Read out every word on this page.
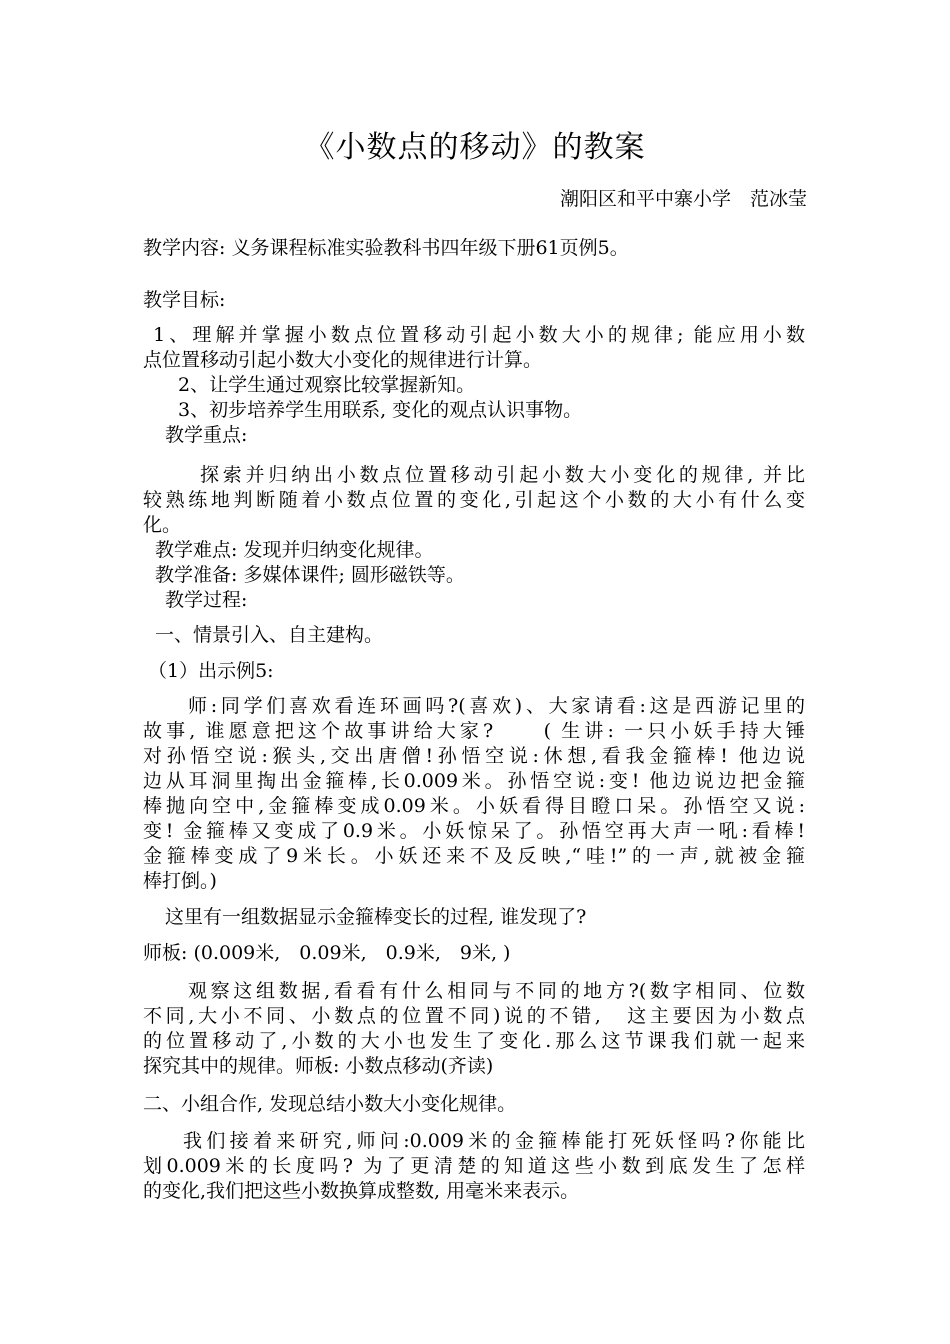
《小数点的移动》的教案
潮阳区和平中寨小学　范冰莹
教学内容: 义务课程标准实验教科书四年级下册61页例5。
教学目标:
1、理解并掌握小数点位置移动引起小数大小的规律; 能应用小数
点位置移动引起小数大小变化的规律进行计算。
2、让学生通过观察比较掌握新知。
3、初步培养学生用联系, 变化的观点认识事物。
教学重点:
探索并归纳出小数点位置移动引起小数大小变化的规律, 并比
较熟练地判断随着小数点位置的变化,引起这个小数的大小有什么变
化。
教学难点: 发现并归纳变化规律。
教学准备: 多媒体课件; 圆形磁铁等。
教学过程:
一、情景引入、自主建构。
（1）出示例5:
师:同学们喜欢看连环画吗?(喜欢)、大家请看:这是西游记里的
故事, 谁愿意把这个故事讲给大家?　　( 生讲: 一只小妖手持大锤
对孙悟空说:猴头,交出唐僧!孙悟空说:休想,看我金箍棒! 他边说
边从耳洞里掏出金箍棒,长0.009米。孙悟空说:变! 他边说边把金箍
棒抛向空中,金箍棒变成0.09米。小妖看得目瞪口呆。孙悟空又说:
变! 金箍棒又变成了0.9米。小妖惊呆了。孙悟空再大声一吼:看棒!
金箍棒变成了9米长。小妖还来不及反映,“哇!”的一声,就被金箍
棒打倒。)
这里有一组数据显示金箍棒变长的过程, 谁发现了?
师板: (0.009米,　0.09米,　0.9米,　9米, )
观察这组数据,看看有什么相同与不同的地方?(数字相同、位数
不同,大小不同、小数点的位置不同)说的不错,　这主要因为小数点
的位置移动了,小数的大小也发生了变化.那么这节课我们就一起来
探究其中的规律。师板: 小数点移动(齐读)
二、小组合作, 发现总结小数大小变化规律。
我们接着来研究,师问:0.009米的金箍棒能打死妖怪吗?你能比
划0.009米的长度吗? 为了更清楚的知道这些小数到底发生了怎样
的变化,我们把这些小数换算成整数, 用毫米来表示。
